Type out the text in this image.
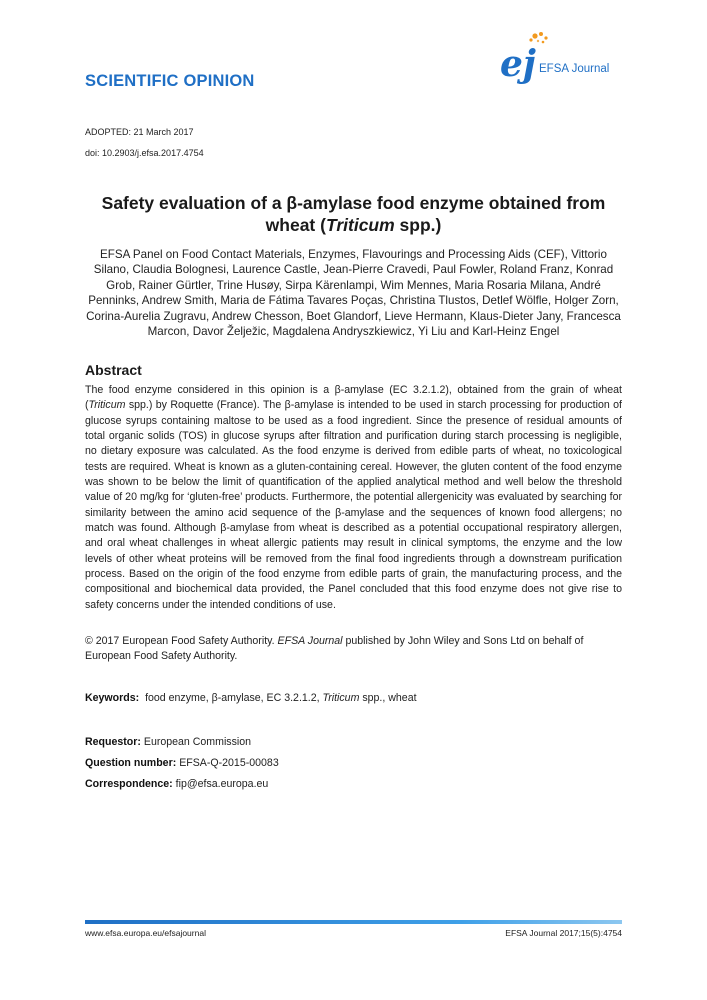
SCIENTIFIC OPINION	ej EFSA Journal
ADOPTED: 21 March 2017
doi: 10.2903/j.efsa.2017.4754
Safety evaluation of a β-amylase food enzyme obtained from wheat (Triticum spp.)
EFSA Panel on Food Contact Materials, Enzymes, Flavourings and Processing Aids (CEF), Vittorio Silano, Claudia Bolognesi, Laurence Castle, Jean-Pierre Cravedi, Paul Fowler, Roland Franz, Konrad Grob, Rainer Gürtler, Trine Husøy, Sirpa Kärenlampi, Wim Mennes, Maria Rosaria Milana, André Penninks, Andrew Smith, Maria de Fátima Tavares Poças, Christina Tlustos, Detlef Wölfle, Holger Zorn, Corina-Aurelia Zugravu, Andrew Chesson, Boet Glandorf, Lieve Hermann, Klaus-Dieter Jany, Francesca Marcon, Davor Želježic, Magdalena Andryszkiewicz, Yi Liu and Karl-Heinz Engel
Abstract
The food enzyme considered in this opinion is a β-amylase (EC 3.2.1.2), obtained from the grain of wheat (Triticum spp.) by Roquette (France). The β-amylase is intended to be used in starch processing for production of glucose syrups containing maltose to be used as a food ingredient. Since the presence of residual amounts of total organic solids (TOS) in glucose syrups after filtration and purification during starch processing is negligible, no dietary exposure was calculated. As the food enzyme is derived from edible parts of wheat, no toxicological tests are required. Wheat is known as a gluten-containing cereal. However, the gluten content of the food enzyme was shown to be below the limit of quantification of the applied analytical method and well below the threshold value of 20 mg/kg for ‘gluten-free’ products. Furthermore, the potential allergenicity was evaluated by searching for similarity between the amino acid sequence of the β-amylase and the sequences of known food allergens; no match was found. Although β-amylase from wheat is described as a potential occupational respiratory allergen, and oral wheat challenges in wheat allergic patients may result in clinical symptoms, the enzyme and the low levels of other wheat proteins will be removed from the final food ingredients through a downstream purification process. Based on the origin of the food enzyme from edible parts of grain, the manufacturing process, and the compositional and biochemical data provided, the Panel concluded that this food enzyme does not give rise to safety concerns under the intended conditions of use.
© 2017 European Food Safety Authority. EFSA Journal published by John Wiley and Sons Ltd on behalf of European Food Safety Authority.
Keywords: food enzyme, β-amylase, EC 3.2.1.2, Triticum spp., wheat
Requestor: European Commission
Question number: EFSA-Q-2015-00083
Correspondence: fip@efsa.europa.eu
www.efsa.europa.eu/efsajournal	EFSA Journal 2017;15(5):4754
